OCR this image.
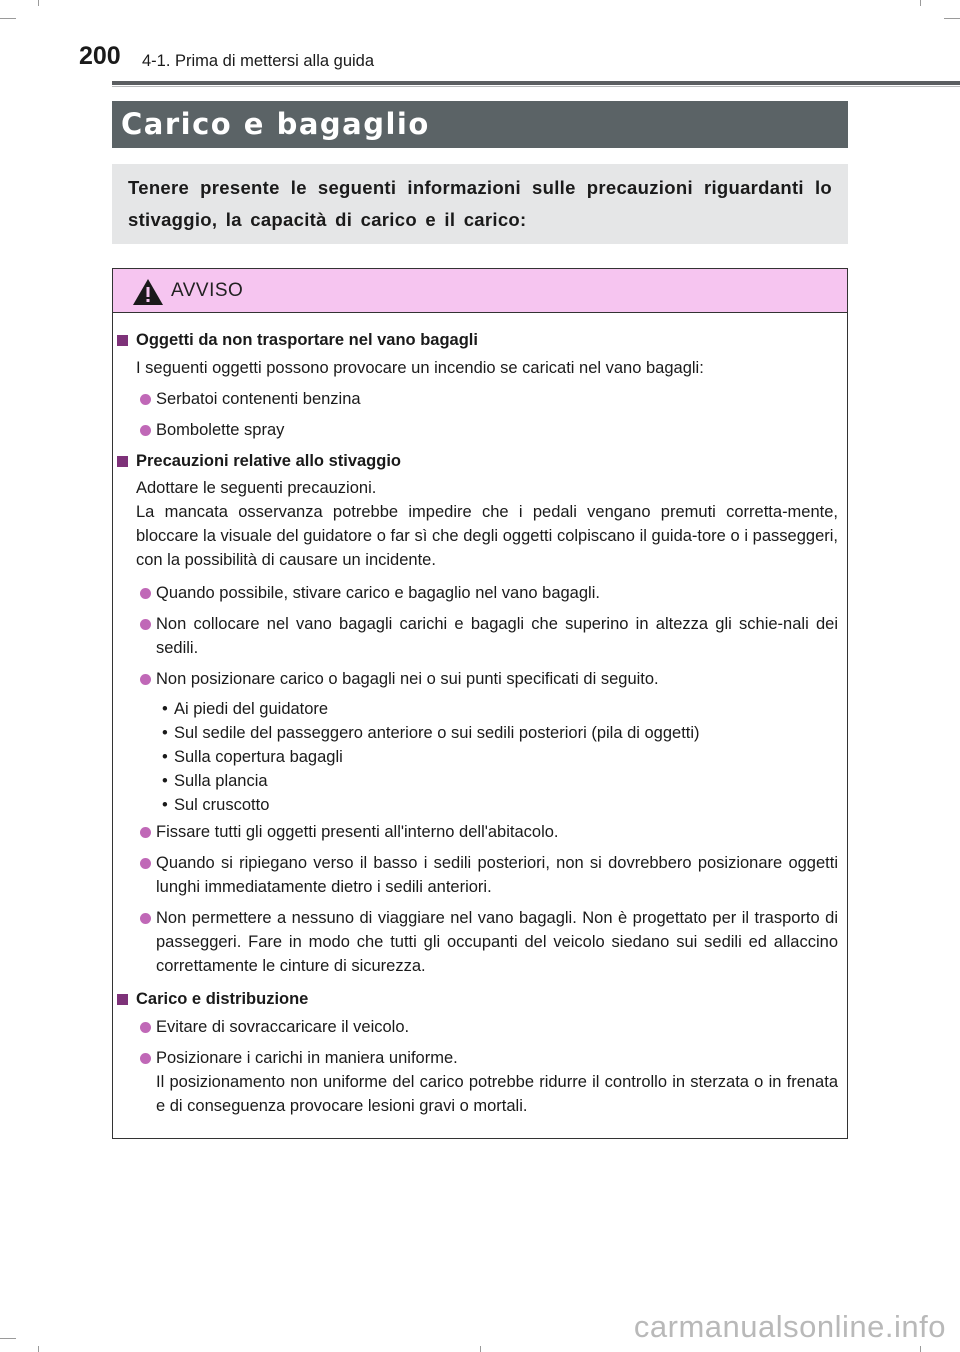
200 4-1. Prima di mettersi alla guida
Carico e bagaglio
Tenere presente le seguenti informazioni sulle precauzioni riguardanti lo stivaggio, la capacità di carico e il carico:
AVVISO
Oggetti da non trasportare nel vano bagagli
I seguenti oggetti possono provocare un incendio se caricati nel vano bagagli:
Serbatoi contenenti benzina
Bombolette spray
Precauzioni relative allo stivaggio
Adottare le seguenti precauzioni.
La mancata osservanza potrebbe impedire che i pedali vengano premuti corretta-mente, bloccare la visuale del guidatore o far sì che degli oggetti colpiscano il guida-tore o i passeggeri, con la possibilità di causare un incidente.
Quando possibile, stivare carico e bagaglio nel vano bagagli.
Non collocare nel vano bagagli carichi e bagagli che superino in altezza gli schie-nali dei sedili.
Non posizionare carico o bagagli nei o sui punti specificati di seguito.
• Ai piedi del guidatore
• Sul sedile del passeggero anteriore o sui sedili posteriori (pila di oggetti)
• Sulla copertura bagagli
• Sulla plancia
• Sul cruscotto
Fissare tutti gli oggetti presenti all'interno dell'abitacolo.
Quando si ripiegano verso il basso i sedili posteriori, non si dovrebbero posizionare oggetti lunghi immediatamente dietro i sedili anteriori.
Non permettere a nessuno di viaggiare nel vano bagagli. Non è progettato per il trasporto di passeggeri. Fare in modo che tutti gli occupanti del veicolo siedano sui sedili ed allaccino correttamente le cinture di sicurezza.
Carico e distribuzione
Evitare di sovraccaricare il veicolo.
Posizionare i carichi in maniera uniforme.
Il posizionamento non uniforme del carico potrebbe ridurre il controllo in sterzata o in frenata e di conseguenza provocare lesioni gravi o mortali.
carmanualsonline.info
